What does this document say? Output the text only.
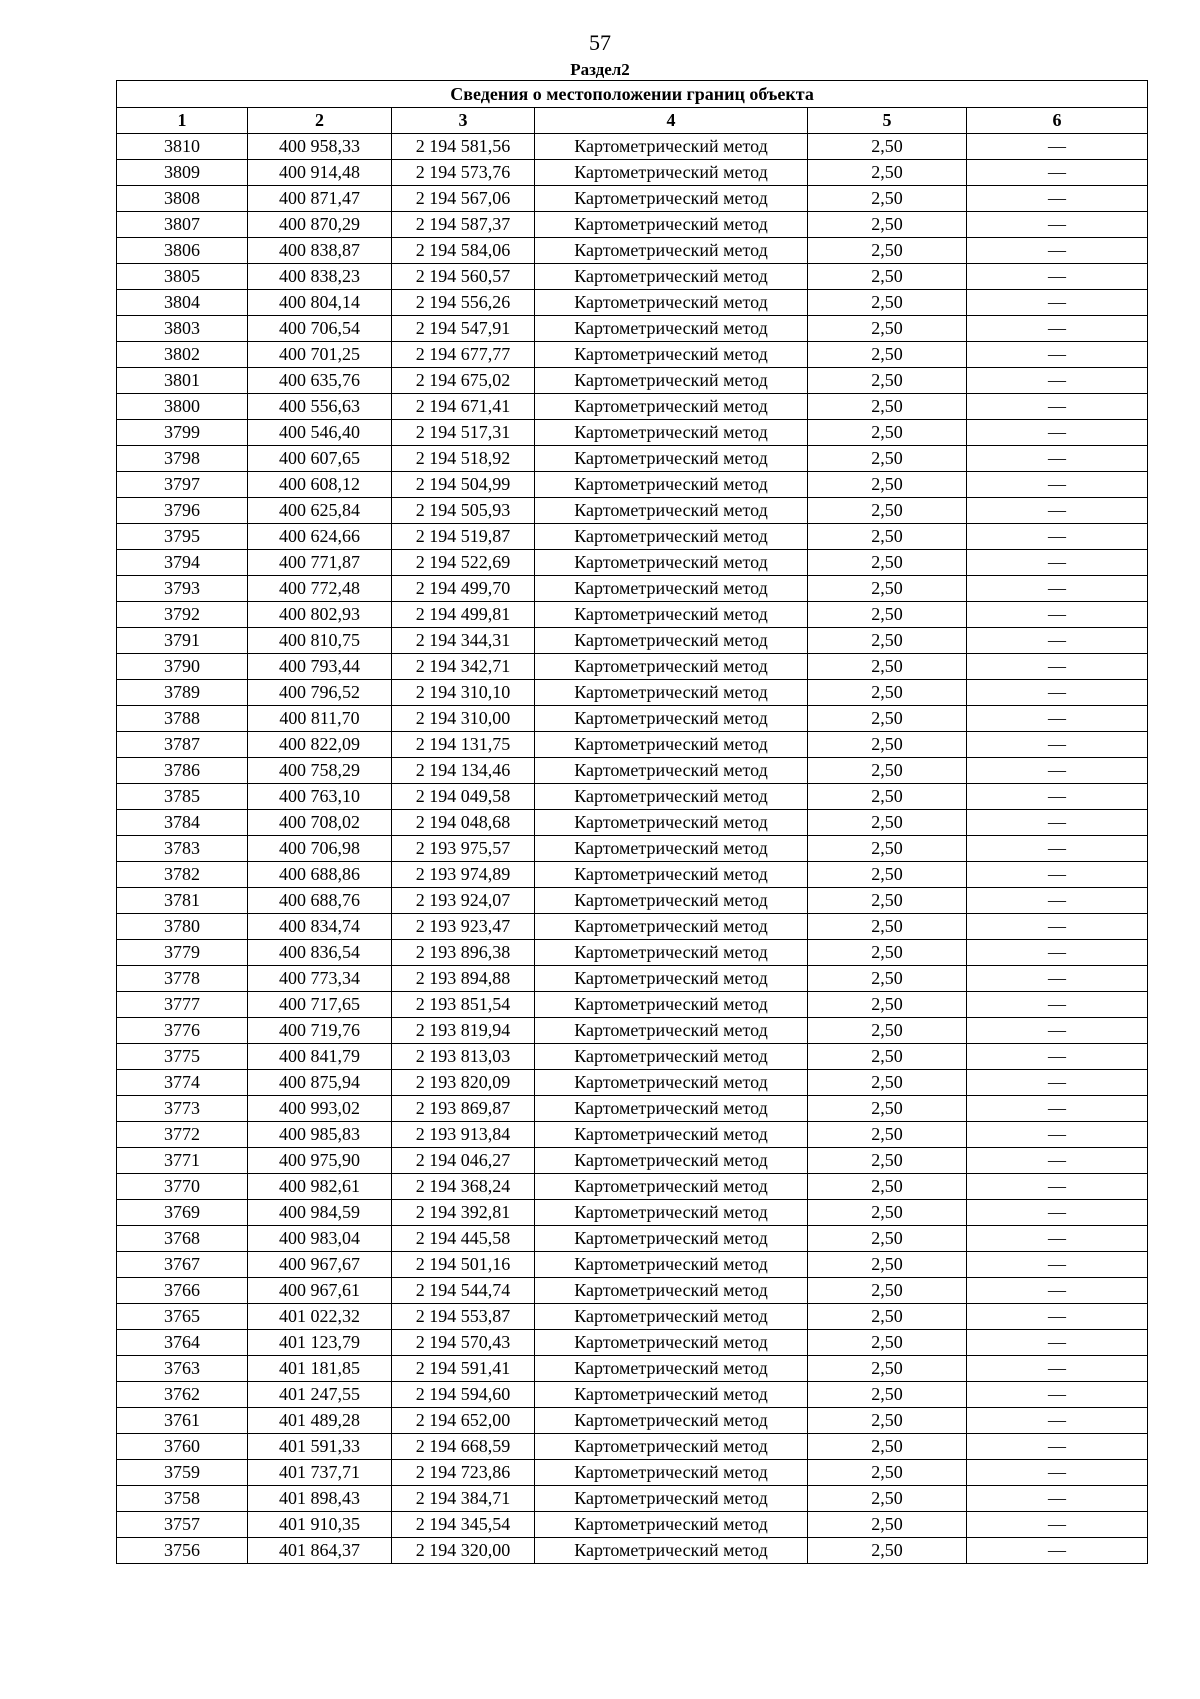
57
Раздел2
Сведения о местоположении границ объекта					
1	2	3	4	5	6
3810	400 958,33	2 194 581,56	Картометрический метод	2,50	—
3809	400 914,48	2 194 573,76	Картометрический метод	2,50	—
3808	400 871,47	2 194 567,06	Картометрический метод	2,50	—
3807	400 870,29	2 194 587,37	Картометрический метод	2,50	—
3806	400 838,87	2 194 584,06	Картометрический метод	2,50	—
3805	400 838,23	2 194 560,57	Картометрический метод	2,50	—
3804	400 804,14	2 194 556,26	Картометрический метод	2,50	—
3803	400 706,54	2 194 547,91	Картометрический метод	2,50	—
3802	400 701,25	2 194 677,77	Картометрический метод	2,50	—
3801	400 635,76	2 194 675,02	Картометрический метод	2,50	—
3800	400 556,63	2 194 671,41	Картометрический метод	2,50	—
3799	400 546,40	2 194 517,31	Картометрический метод	2,50	—
3798	400 607,65	2 194 518,92	Картометрический метод	2,50	—
3797	400 608,12	2 194 504,99	Картометрический метод	2,50	—
3796	400 625,84	2 194 505,93	Картометрический метод	2,50	—
3795	400 624,66	2 194 519,87	Картометрический метод	2,50	—
3794	400 771,87	2 194 522,69	Картометрический метод	2,50	—
3793	400 772,48	2 194 499,70	Картометрический метод	2,50	—
3792	400 802,93	2 194 499,81	Картометрический метод	2,50	—
3791	400 810,75	2 194 344,31	Картометрический метод	2,50	—
3790	400 793,44	2 194 342,71	Картометрический метод	2,50	—
3789	400 796,52	2 194 310,10	Картометрический метод	2,50	—
3788	400 811,70	2 194 310,00	Картометрический метод	2,50	—
3787	400 822,09	2 194 131,75	Картометрический метод	2,50	—
3786	400 758,29	2 194 134,46	Картометрический метод	2,50	—
3785	400 763,10	2 194 049,58	Картометрический метод	2,50	—
3784	400 708,02	2 194 048,68	Картометрический метод	2,50	—
3783	400 706,98	2 193 975,57	Картометрический метод	2,50	—
3782	400 688,86	2 193 974,89	Картометрический метод	2,50	—
3781	400 688,76	2 193 924,07	Картометрический метод	2,50	—
3780	400 834,74	2 193 923,47	Картометрический метод	2,50	—
3779	400 836,54	2 193 896,38	Картометрический метод	2,50	—
3778	400 773,34	2 193 894,88	Картометрический метод	2,50	—
3777	400 717,65	2 193 851,54	Картометрический метод	2,50	—
3776	400 719,76	2 193 819,94	Картометрический метод	2,50	—
3775	400 841,79	2 193 813,03	Картометрический метод	2,50	—
3774	400 875,94	2 193 820,09	Картометрический метод	2,50	—
3773	400 993,02	2 193 869,87	Картометрический метод	2,50	—
3772	400 985,83	2 193 913,84	Картометрический метод	2,50	—
3771	400 975,90	2 194 046,27	Картометрический метод	2,50	—
3770	400 982,61	2 194 368,24	Картометрический метод	2,50	—
3769	400 984,59	2 194 392,81	Картометрический метод	2,50	—
3768	400 983,04	2 194 445,58	Картометрический метод	2,50	—
3767	400 967,67	2 194 501,16	Картометрический метод	2,50	—
3766	400 967,61	2 194 544,74	Картометрический метод	2,50	—
3765	401 022,32	2 194 553,87	Картометрический метод	2,50	—
3764	401 123,79	2 194 570,43	Картометрический метод	2,50	—
3763	401 181,85	2 194 591,41	Картометрический метод	2,50	—
3762	401 247,55	2 194 594,60	Картометрический метод	2,50	—
3761	401 489,28	2 194 652,00	Картометрический метод	2,50	—
3760	401 591,33	2 194 668,59	Картометрический метод	2,50	—
3759	401 737,71	2 194 723,86	Картометрический метод	2,50	—
3758	401 898,43	2 194 384,71	Картометрический метод	2,50	—
3757	401 910,35	2 194 345,54	Картометрический метод	2,50	—
3756	401 864,37	2 194 320,00	Картометрический метод	2,50	—
